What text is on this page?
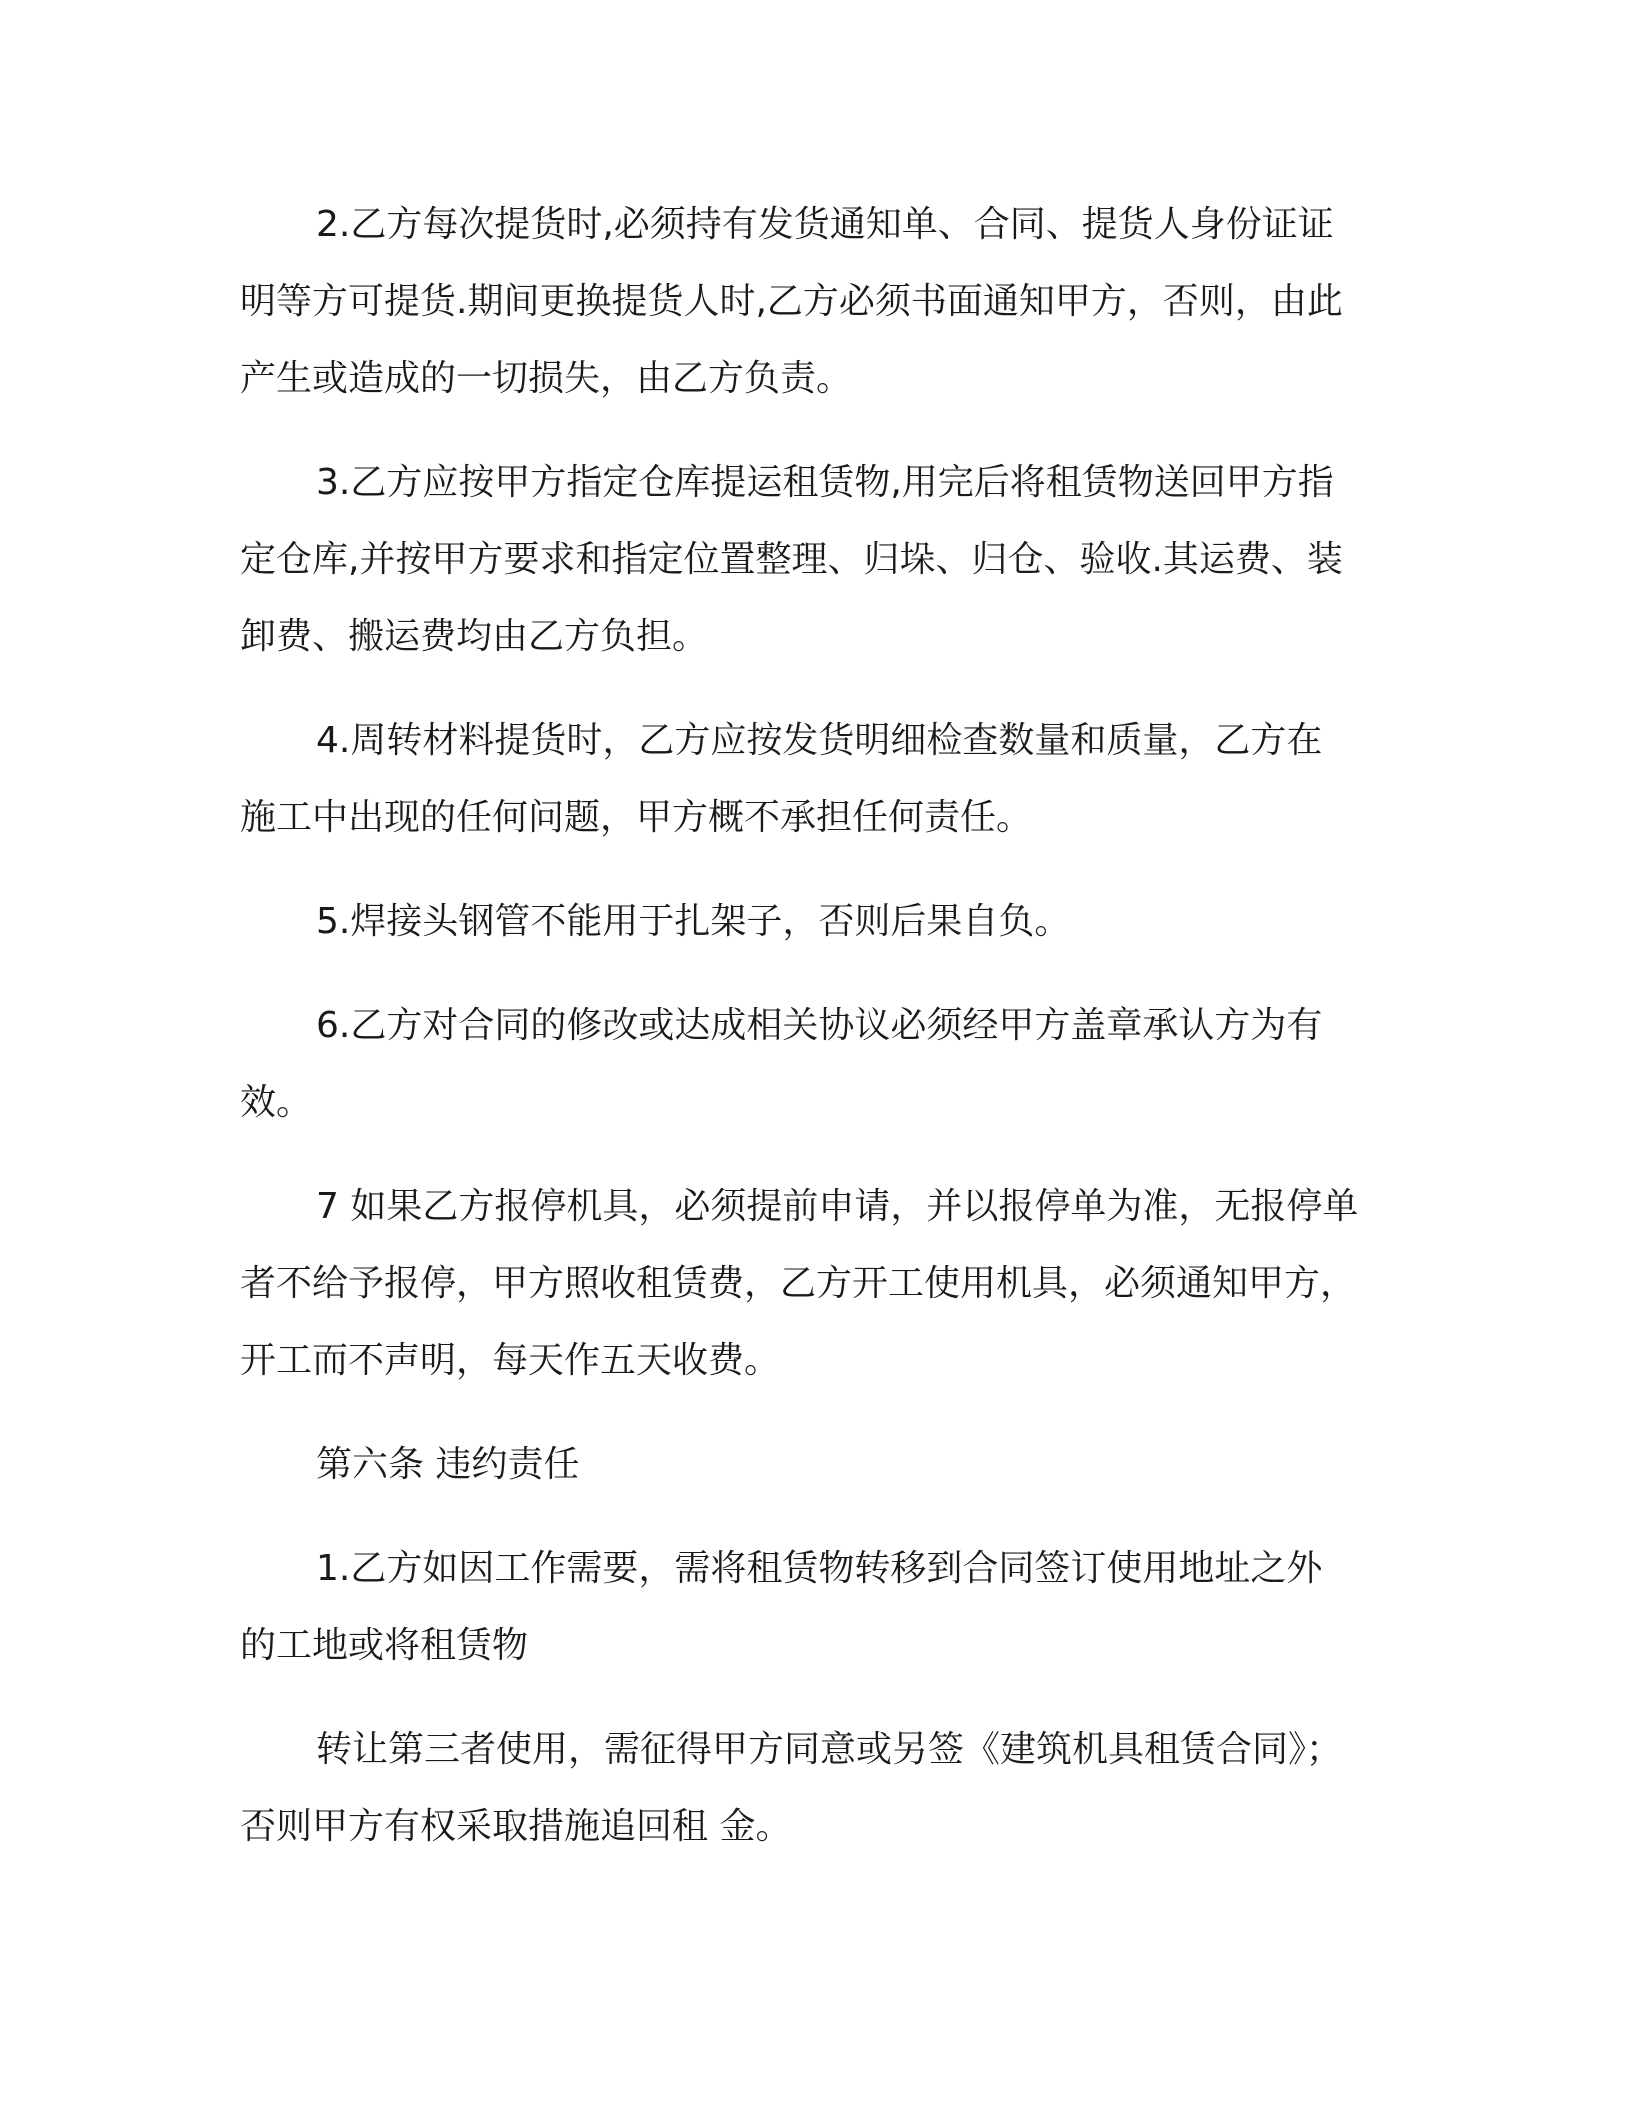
2.乙方每次提货时,必须持有发货通知单、合同、提货人身份证证
明等方可提货.期间更换提货人时,乙方必须书面通知甲方，否则，由此
产生或造成的一切损失，由乙方负责。
3.乙方应按甲方指定仓库提运租赁物,用完后将租赁物送回甲方指
定仓库,并按甲方要求和指定位置整理、归垛、归仓、验收.其运费、装
卸费、搬运费均由乙方负担。
4.周转材料提货时，乙方应按发货明细检查数量和质量，乙方在
施工中出现的任何问题，甲方概不承担任何责任。
5.焊接头钢管不能用于扎架子，否则后果自负。
6.乙方对合同的修改或达成相关协议必须经甲方盖章承认方为有
效。
7 如果乙方报停机具，必须提前申请，并以报停单为准，无报停单
者不给予报停，甲方照收租赁费，乙方开工使用机具，必须通知甲方，
开工而不声明，每天作五天收费。
第六条 违约责任
1.乙方如因工作需要，需将租赁物转移到合同签订使用地址之外
的工地或将租赁物
转让第三者使用，需征得甲方同意或另签《建筑机具租赁合同》；
否则甲方有权采取措施追回租 金。
